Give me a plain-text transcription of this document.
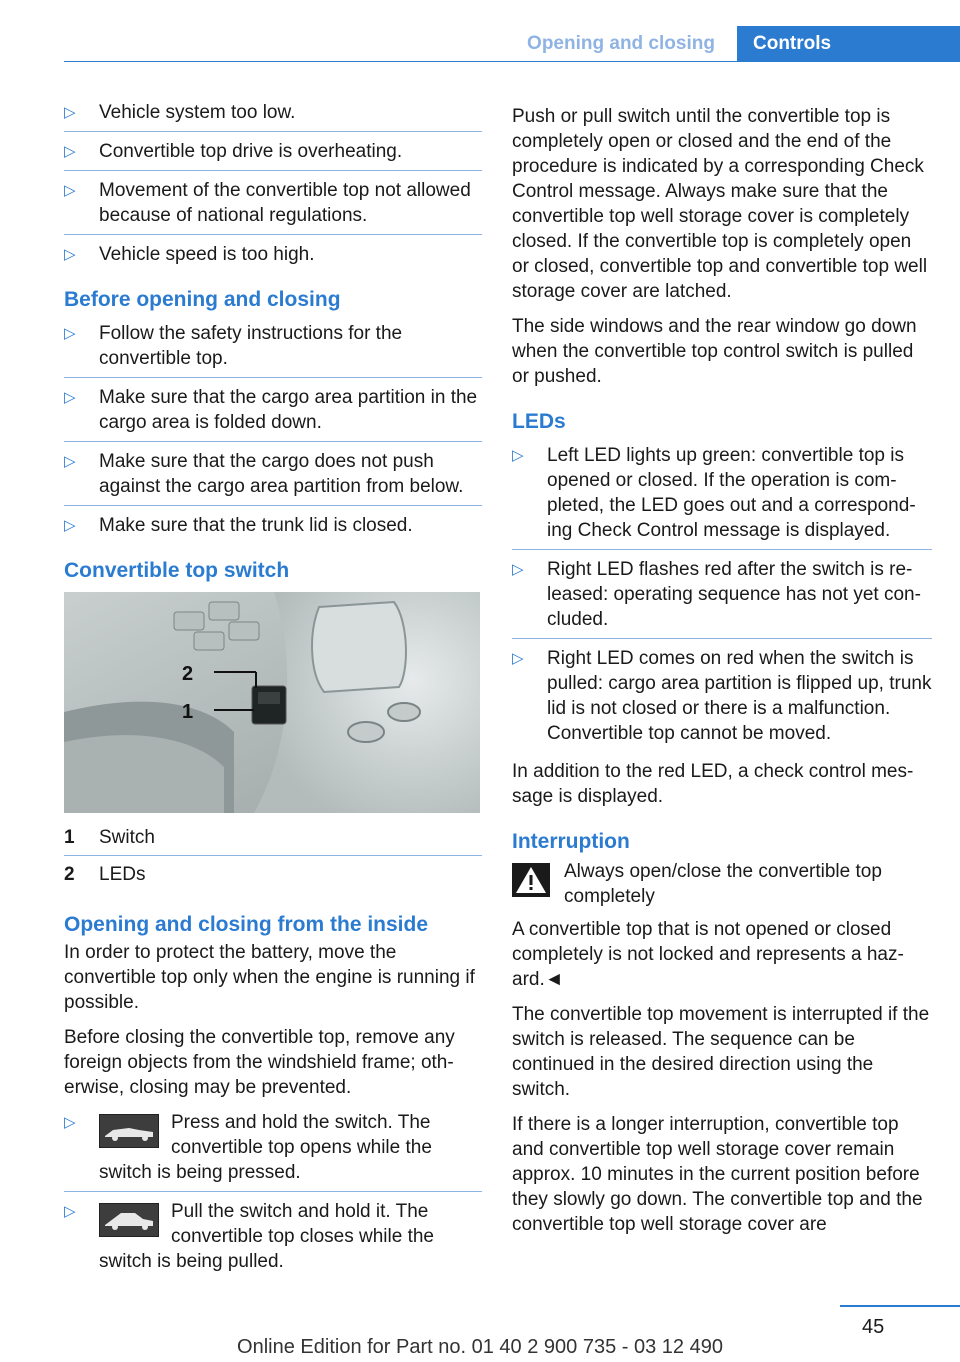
Opening and closing	Controls
▷ Vehicle system too low.
▷ Convertible top drive is overheating.
▷ Movement of the convertible top not allowed because of national regulations.
▷ Vehicle speed is too high.
Before opening and closing
▷ Follow the safety instructions for the convertible top.
▷ Make sure that the cargo area partition in the cargo area is folded down.
▷ Make sure that the cargo does not push against the cargo area partition from below.
▷ Make sure that the trunk lid is closed.
Convertible top switch
2
1
1	Switch
2	LEDs
Opening and closing from the inside

In order to protect the battery, move the convertible top only when the engine is running if possible.

Before closing the convertible top, remove any foreign objects from the windshield frame; otherwise, closing may be prevented.

▷	Press and hold the switch. The convertible top opens while the switch is being pressed.
▷	Pull the switch and hold it. The convertible top closes while the switch is being pulled.

Push or pull switch until the convertible top is completely open or closed and the end of the procedure is indicated by a corresponding Check Control message. Always make sure that the convertible top well storage cover is completely closed. If the convertible top is completely open or closed, convertible top and convertible top well storage cover are latched.

The side windows and the rear window go down when the convertible top control switch is pulled or pushed.

LEDs
▷ Left LED lights up green: convertible top is opened or closed. If the operation is completed, the LED goes out and a corresponding Check Control message is displayed.
▷ Right LED flashes red after the switch is released: operating sequence has not yet concluded.
▷ Right LED comes on red when the switch is pulled: cargo area partition is flipped up, trunk lid is not closed or there is a malfunction. Convertible top cannot be moved.

In addition to the red LED, a check control message is displayed.

Interruption
Always open/close the convertible top completely

A convertible top that is not opened or closed completely is not locked and represents a hazard.◄

The convertible top movement is interrupted if the switch is released. The sequence can be continued in the desired direction using the switch.

If there is a longer interruption, convertible top and convertible top well storage cover remain approx. 10 minutes in the current position before they slowly go down. The convertible top and the convertible top well storage cover are

45
Online Edition for Part no. 01 40 2 900 735 - 03 12 490
